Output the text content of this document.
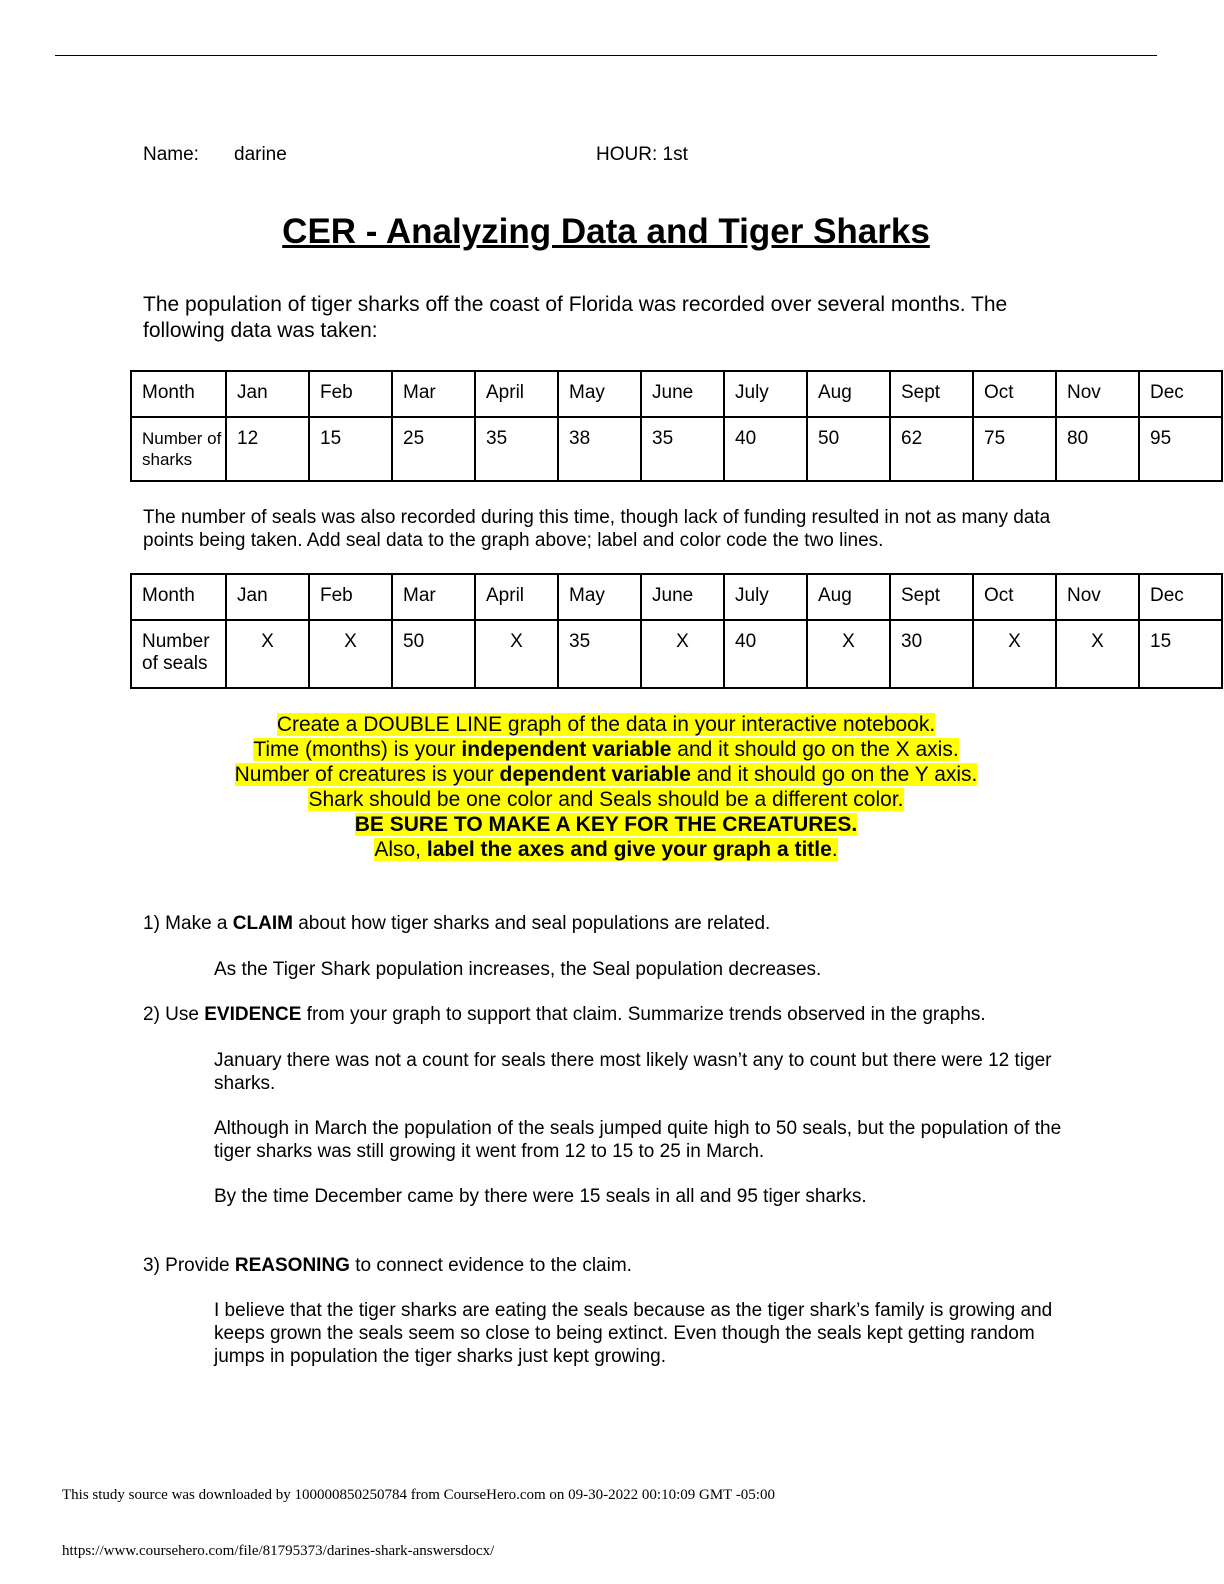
Name: darine	HOUR: 1st
CER - Analyzing Data and Tiger Sharks
The population of tiger sharks off the coast of Florida was recorded over several months. The following data was taken:
Month	Jan	Feb	Mar	April	May	June	July	Aug	Sept	Oct	Nov	Dec
Number of sharks	12	15	25	35	38	35	40	50	62	75	80	95
The number of seals was also recorded during this time, though lack of funding resulted in not as many data points being taken. Add seal data to the graph above; label and color code the two lines.
Month	Jan	Feb	Mar	April	May	June	July	Aug	Sept	Oct	Nov	Dec
Number of seals	X	X	50	X	35	X	40	X	30	X	X	15
Create a DOUBLE LINE graph of the data in your interactive notebook.
Time (months) is your independent variable and it should go on the X axis.
Number of creatures is your dependent variable and it should go on the Y axis.
Shark should be one color and Seals should be a different color.
BE SURE TO MAKE A KEY FOR THE CREATURES.
Also, label the axes and give your graph a title.
1) Make a CLAIM about how tiger sharks and seal populations are related.
As the Tiger Shark population increases, the Seal population decreases.
2) Use EVIDENCE from your graph to support that claim. Summarize trends observed in the graphs.
January there was not a count for seals there most likely wasn’t any to count but there were 12 tiger sharks.
Although in March the population of the seals jumped quite high to 50 seals, but the population of the tiger sharks was still growing it went from 12 to 15 to 25 in March.
By the time December came by there were 15 seals in all and 95 tiger sharks.
3) Provide REASONING to connect evidence to the claim.
I believe that the tiger sharks are eating the seals because as the tiger shark’s family is growing and keeps grown the seals seem so close to being extinct. Even though the seals kept getting random jumps in population the tiger sharks just kept growing.
This study source was downloaded by 100000850250784 from CourseHero.com on 09-30-2022 00:10:09 GMT -05:00
https://www.coursehero.com/file/81795373/darines-shark-answersdocx/
